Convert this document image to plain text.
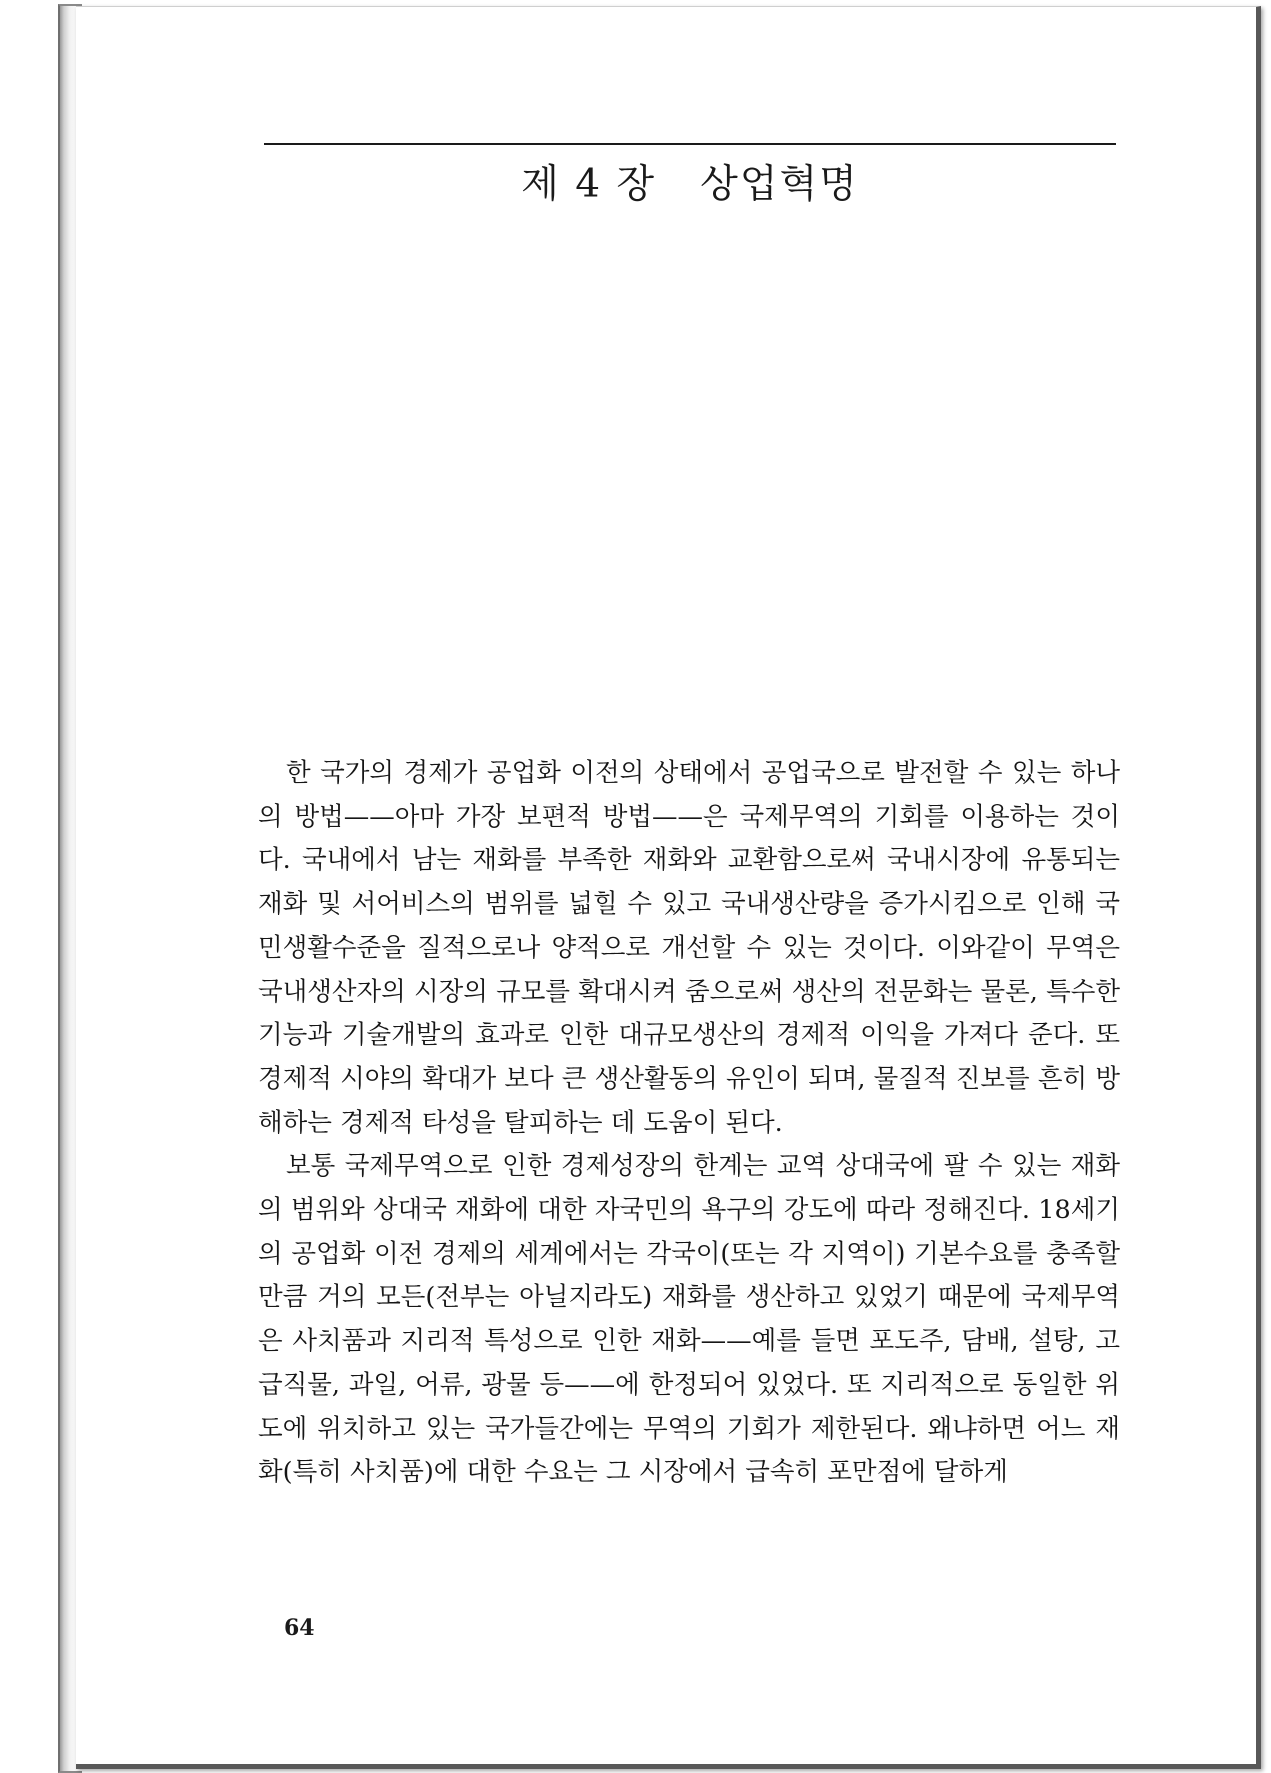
제 4 장 상업혁명

한 국가의 경제가 공업화 이전의 상태에서 공업국으로 발전할 수 있는 하나의 방법——아마 가장 보편적 방법——은 국제무역의 기회를 이용하는 것이다. 국내에서 남는 재화를 부족한 재화와 교환함으로써 국내시장에 유통되는 재화 및 서어비스의 범위를 넓힐 수 있고 국내생산량을 증가시킴으로 인해 국민생활수준을 질적으로나 양적으로 개선할 수 있는 것이다. 이와같이 무역은 국내생산자의 시장의 규모를 확대시켜 줌으로써 생산의 전문화는 물론, 특수한 기능과 기술개발의 효과로 인한 대규모생산의 경제적 이익을 가져다 준다. 또 경제적 시야의 확대가 보다 큰 생산활동의 유인이 되며, 물질적 진보를 흔히 방해하는 경제적 타성을 탈피하는 데 도움이 된다.

보통 국제무역으로 인한 경제성장의 한계는 교역 상대국에 팔 수 있는 재화의 범위와 상대국 재화에 대한 자국민의 욕구의 강도에 따라 정해진다. 18세기의 공업화 이전 경제의 세계에서는 각국이(또는 각 지역이) 기본수요를 충족할 만큼 거의 모든(전부는 아닐지라도) 재화를 생산하고 있었기 때문에 국제무역은 사치품과 지리적 특성으로 인한 재화——예를 들면 포도주, 담배, 설탕, 고급직물, 과일, 어류, 광물 등——에 한정되어 있었다. 또 지리적으로 동일한 위도에 위치하고 있는 국가들간에는 무역의 기회가 제한된다. 왜냐하면 어느 재화(특히 사치품)에 대한 수요는 그 시장에서 급속히 포만점에 달하게

64
